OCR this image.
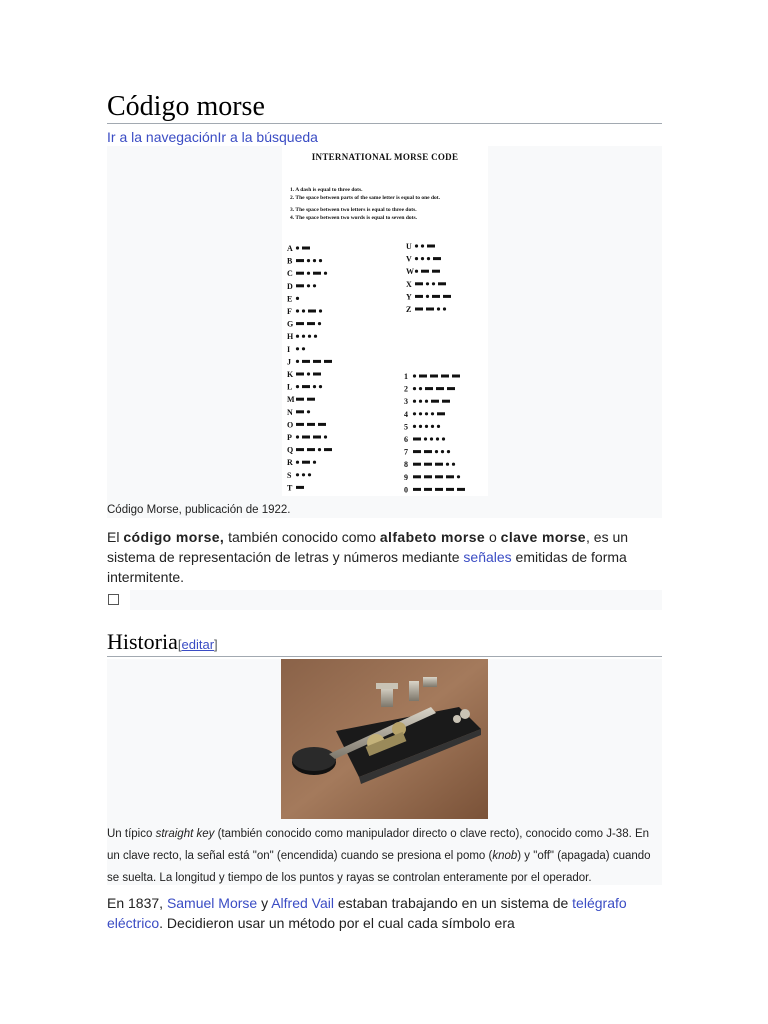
Código morse
Ir a la navegaciónIr a la búsqueda
INTERNATIONAL MORSE CODE
1. A dash is equal to three dots.
2. The space between parts of the same letter is equal to one dot.
3. The space between two letters is equal to three dots.
4. The space between two words is equal to seven dots.
A
B
C
D
E
F
G
H
I
J
K
L
M
N
O
P
Q
R
S
T
U
V
W
X
Y
Z
1
2
3
4
5
6
7
8
9
0
Código Morse, publicación de 1922.
El código morse, también conocido como alfabeto morse o clave morse, es un sistema de representación de letras y números mediante señales emitidas de forma intermitente.
Historia[editar]
Un típico straight key (también conocido como manipulador directo o clave recto), conocido como J-38. En un clave recto, la señal está "on" (encendida) cuando se presiona el pomo (knob) y "off" (apagada) cuando se suelta. La longitud y tiempo de los puntos y rayas se controlan enteramente por el operador.
En 1837, Samuel Morse y Alfred Vail estaban trabajando en un sistema de telégrafo eléctrico. Decidieron usar un método por el cual cada símbolo era
